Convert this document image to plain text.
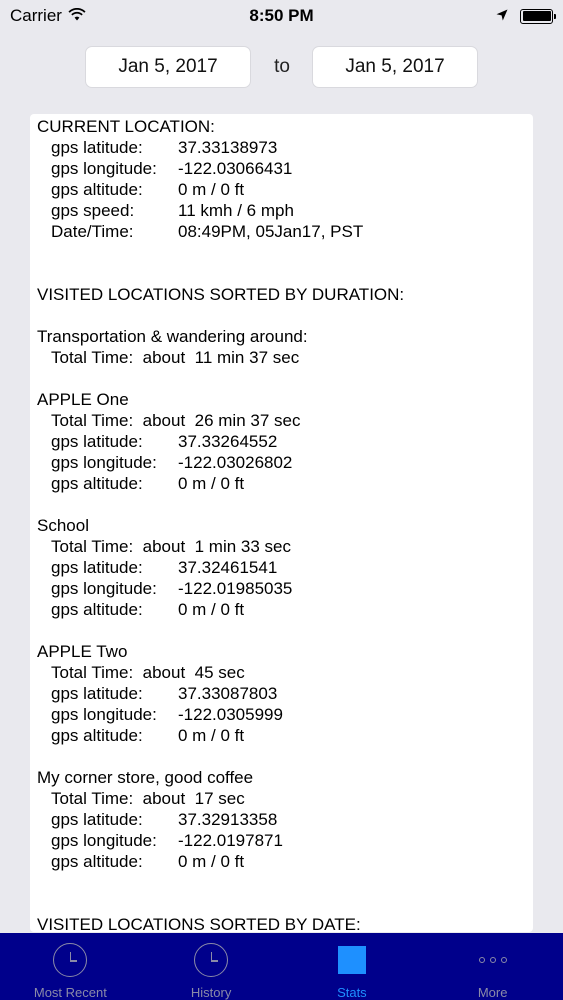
Carrier	8:50 PM
Jan 5, 2017	to	Jan 5, 2017
CURRENT LOCATION:
gps latitude:	37.33138973
gps longitude:	-122.03066431
gps altitude:	0 m / 0 ft
gps speed:	11 kmh / 6 mph
Date/Time:	08:49PM, 05Jan17, PST
VISITED LOCATIONS SORTED BY DURATION:
Transportation & wandering around:
Total Time:  about  11 min 37 sec
APPLE One
Total Time:  about  26 min 37 sec
gps latitude:	37.33264552
gps longitude:	-122.03026802
gps altitude:	0 m / 0 ft
School
Total Time:  about  1 min 33 sec
gps latitude:	37.32461541
gps longitude:	-122.01985035
gps altitude:	0 m / 0 ft
APPLE Two
Total Time:  about  45 sec
gps latitude:	37.33087803
gps longitude:	-122.0305999
gps altitude:	0 m / 0 ft
My corner store, good coffee
Total Time:  about  17 sec
gps latitude:	37.32913358
gps longitude:	-122.0197871
gps altitude:	0 m / 0 ft
VISITED LOCATIONS SORTED BY DATE:
Most Recent	History	Stats	More
